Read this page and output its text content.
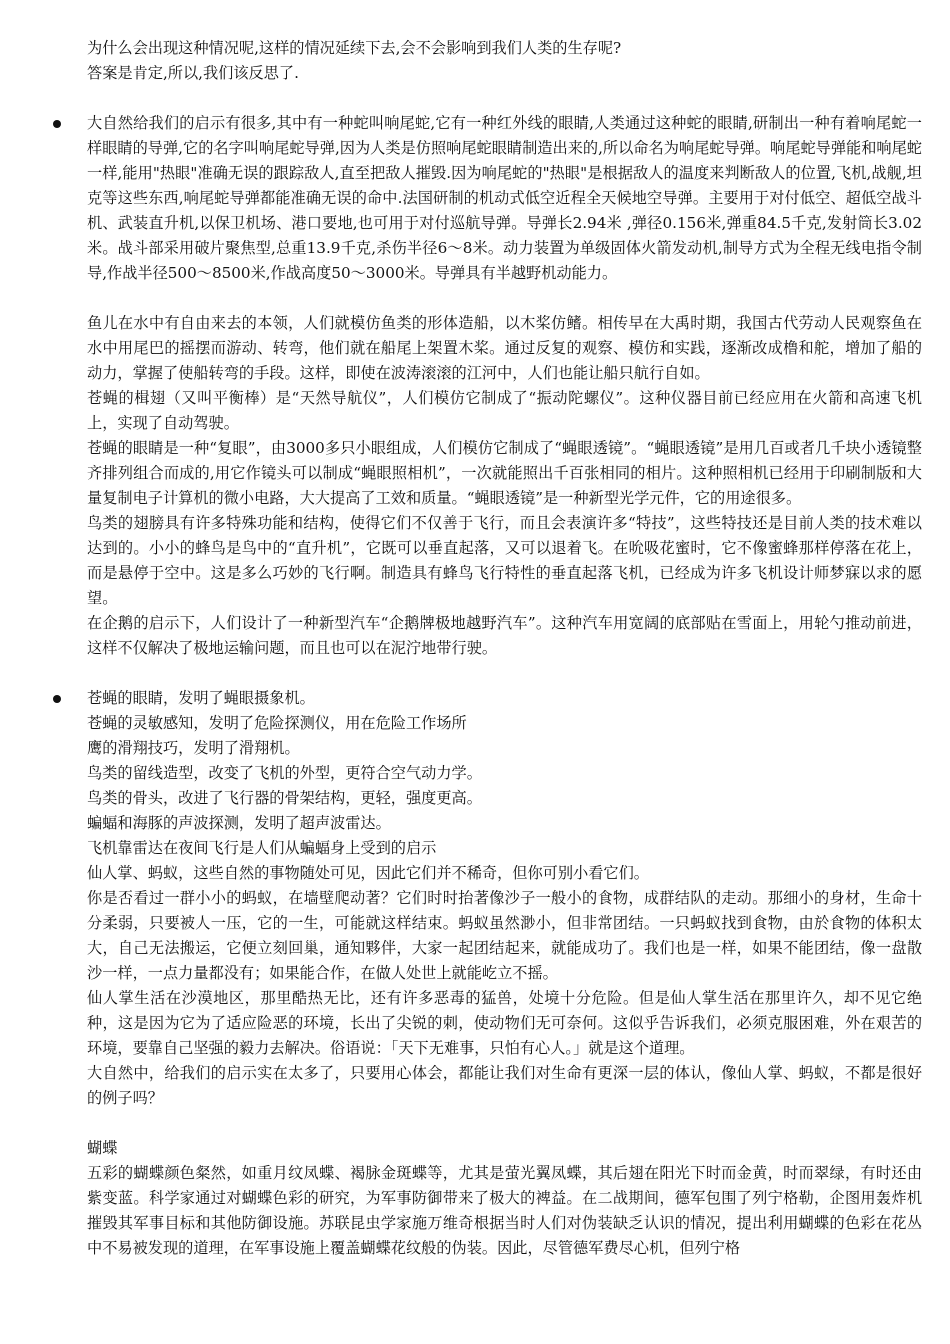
为什么会出现这种情况呢,这样的情况延续下去,会不会影响到我们人类的生存呢?

答案是肯定,所以,我们该反思了.

大自然给我们的启示有很多,其中有一种蛇叫响尾蛇,它有一种红外线的眼睛,人类通过这种蛇的眼睛,研制出一种有着响尾蛇一样眼睛的导弹,它的名字叫响尾蛇导弹,因为人类是仿照响尾蛇眼睛制造出来的,所以命名为响尾蛇导弹。响尾蛇导弹能和响尾蛇一样,能用"热眼"准确无误的跟踪敌人,直至把敌人摧毁.因为响尾蛇的"热眼"是根据敌人的温度来判断敌人的位置,飞机,战舰,坦克等这些东西,响尾蛇导弹都能准确无误的命中.法国研制的机动式低空近程全天候地空导弹。主要用于对付低空、超低空战斗机、武装直升机,以保卫机场、港口要地,也可用于对付巡航导弹。导弹长2.94米 ,弹径0.156米,弹重84.5千克,发射筒长3.02米。战斗部采用破片聚焦型,总重13.9千克,杀伤半径6～8米。动力装置为单级固体火箭发动机,制导方式为全程无线电指令制导,作战半径500～8500米,作战高度50～3000米。导弹具有半越野机动能力。

鱼儿在水中有自由来去的本领，人们就模仿鱼类的形体造船，以木桨仿鳍。相传早在大禹时期，我国古代劳动人民观察鱼在水中用尾巴的摇摆而游动、转弯，他们就在船尾上架置木桨。通过反复的观察、模仿和实践，逐渐改成橹和舵，增加了船的动力，掌握了使船转弯的手段。这样，即使在波涛滚滚的江河中，人们也能让船只航行自如。

苍蝇的楫翅（又叫平衡棒）是“天然导航仪”，人们模仿它制成了“振动陀螺仪”。这种仪器目前已经应用在火箭和高速飞机上，实现了自动驾驶。

苍蝇的眼睛是一种“复眼”，由3000多只小眼组成，人们模仿它制成了“蝇眼透镜”。“蝇眼透镜”是用几百或者几千块小透镜整齐排列组合而成的,用它作镜头可以制成“蝇眼照相机”，一次就能照出千百张相同的相片。这种照相机已经用于印刷制版和大量复制电子计算机的微小电路，大大提高了工效和质量。“蝇眼透镜”是一种新型光学元件，它的用途很多。

鸟类的翅膀具有许多特殊功能和结构，使得它们不仅善于飞行，而且会表演许多“特技”，这些特技还是目前人类的技术难以达到的。小小的蜂鸟是鸟中的“直升机”，它既可以垂直起落，又可以退着飞。在吮吸花蜜时，它不像蜜蜂那样停落在花上，而是悬停于空中。这是多么巧妙的飞行啊。制造具有蜂鸟飞行特性的垂直起落飞机，已经成为许多飞机设计师梦寐以求的愿望。

在企鹅的启示下，人们设计了一种新型汽车“企鹅牌极地越野汽车”。这种汽车用宽阔的底部贴在雪面上，用轮勺推动前进，这样不仅解决了极地运输问题，而且也可以在泥泞地带行驶。

苍蝇的眼睛，发明了蝇眼摄象机。

苍蝇的灵敏感知，发明了危险探测仪，用在危险工作场所

鹰的滑翔技巧，发明了滑翔机。

鸟类的留线造型，改变了飞机的外型，更符合空气动力学。

鸟类的骨头，改进了飞行器的骨架结构，更轻，强度更高。

蝙蝠和海豚的声波探测，发明了超声波雷达。

飞机靠雷达在夜间飞行是人们从蝙蝠身上受到的启示

仙人掌、蚂蚁，这些自然的事物随处可见，因此它们并不稀奇，但你可别小看它们。

你是否看过一群小小的蚂蚁，在墙壁爬动著？它们时时抬著像沙子一般小的食物，成群结队的走动。那细小的身材，生命十分柔弱，只要被人一压，它的一生，可能就这样结束。蚂蚁虽然渺小，但非常团结。一只蚂蚁找到食物，由於食物的体积太大，自己无法搬运，它便立刻回巢，通知夥伴，大家一起团结起来，就能成功了。我们也是一样，如果不能团结，像一盘散沙一样，一点力量都没有；如果能合作，在做人处世上就能屹立不摇。

仙人掌生活在沙漠地区，那里酷热无比，还有许多恶毒的猛兽，处境十分危险。但是仙人掌生活在那里许久，却不见它绝种，这是因为它为了适应险恶的环境，长出了尖锐的刺，使动物们无可奈何。这似乎告诉我们，必须克服困难，外在艰苦的环境，要靠自己坚强的毅力去解决。俗语说：「天下无难事，只怕有心人。」就是这个道理。

大自然中，给我们的启示实在太多了，只要用心体会，都能让我们对生命有更深一层的体认，像仙人掌、蚂蚁，不都是很好的例子吗？

蝴蝶

五彩的蝴蝶颜色粲然，如重月纹凤蝶、褐脉金斑蝶等，尤其是萤光翼凤蝶，其后翅在阳光下时而金黄，时而翠绿，有时还由紫变蓝。科学家通过对蝴蝶色彩的研究，为军事防御带来了极大的裨益。在二战期间，德军包围了列宁格勒，企图用轰炸机摧毁其军事目标和其他防御设施。苏联昆虫学家施万维奇根据当时人们对伪装缺乏认识的情况，提出利用蝴蝶的色彩在花丛中不易被发现的道理，在军事设施上覆盖蝴蝶花纹般的伪装。因此，尽管德军费尽心机，但列宁格
